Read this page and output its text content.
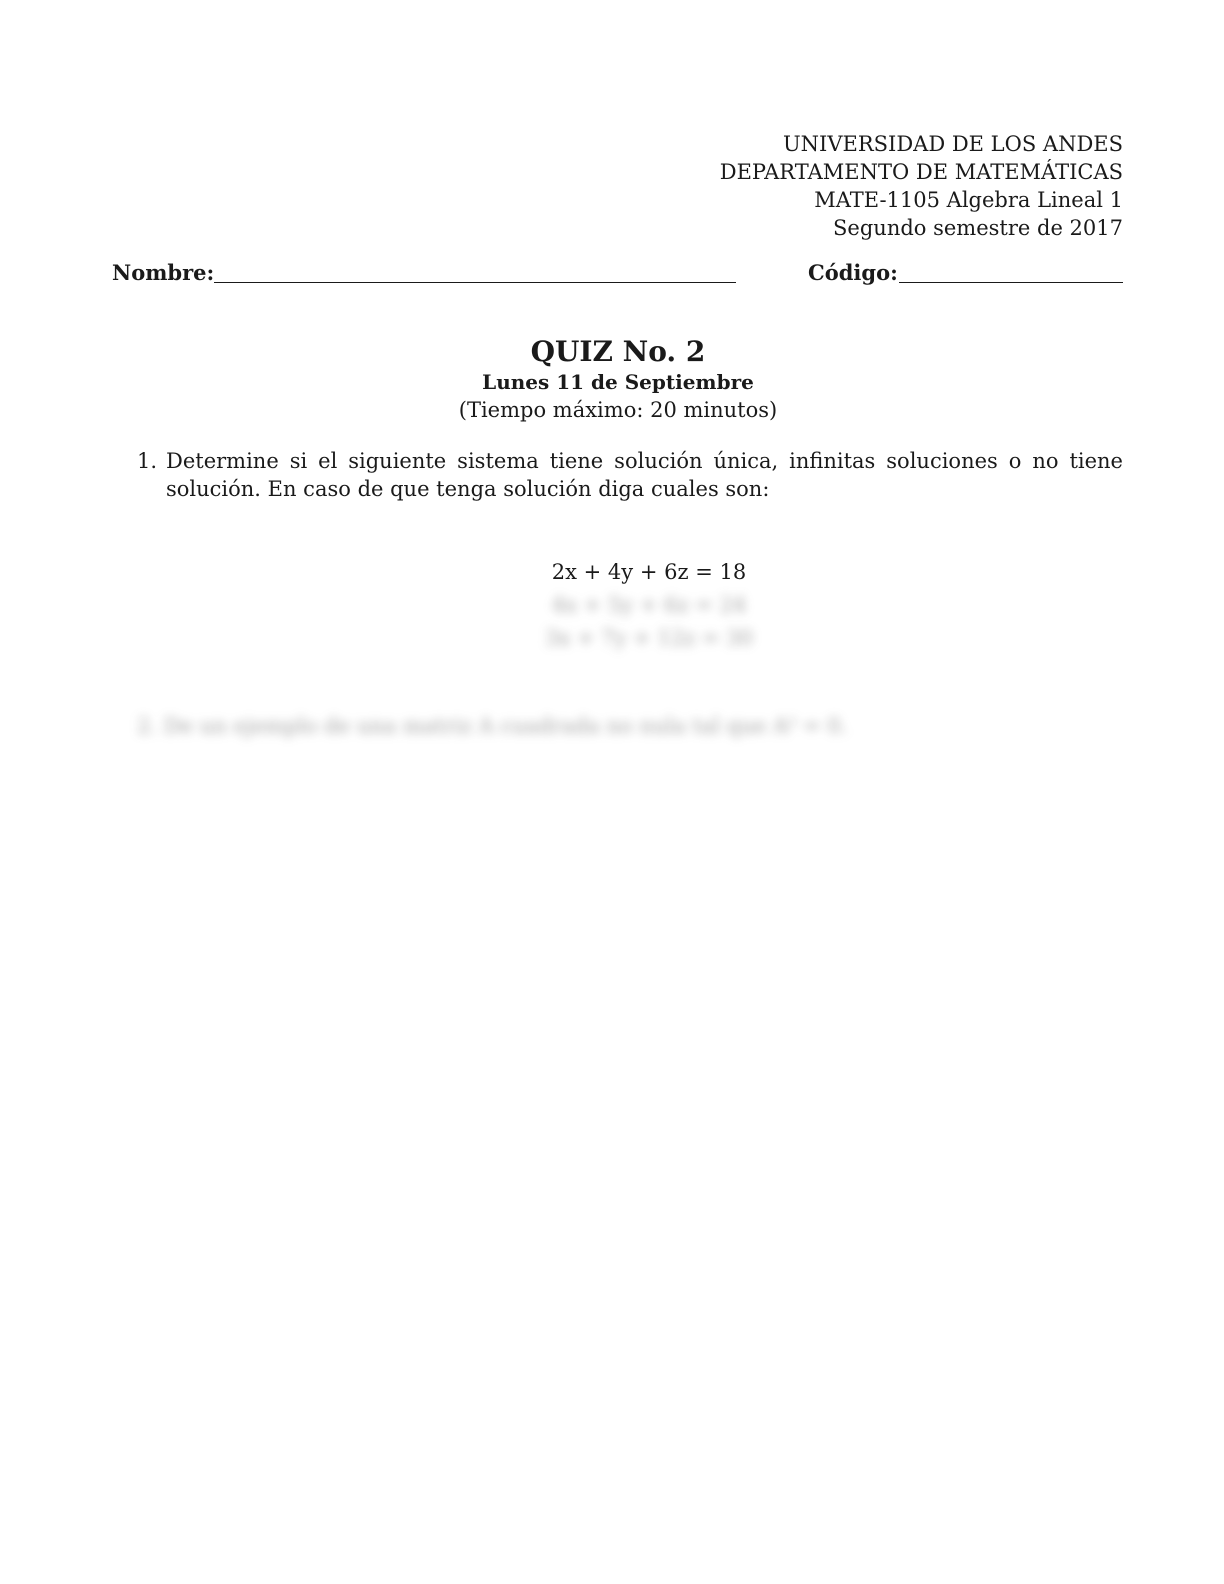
UNIVERSIDAD DE LOS ANDES
DEPARTAMENTO DE MATEMÁTICAS
MATE-1105 Algebra Lineal 1
Segundo semestre de 2017
Nombre:	Código:
QUIZ No. 2
Lunes 11 de Septiembre
(Tiempo máximo: 20 minutos)
1. Determine si el siguiente sistema tiene solución única, infinitas soluciones o no tiene solución. En caso de que tenga solución diga cuales son:
2x + 4y + 6z = 18
4x + 5y + 6z = 24
3x + 7y + 12z = 30
2. De un ejemplo de una matriz A cuadrada no nula tal que A² = 0.
